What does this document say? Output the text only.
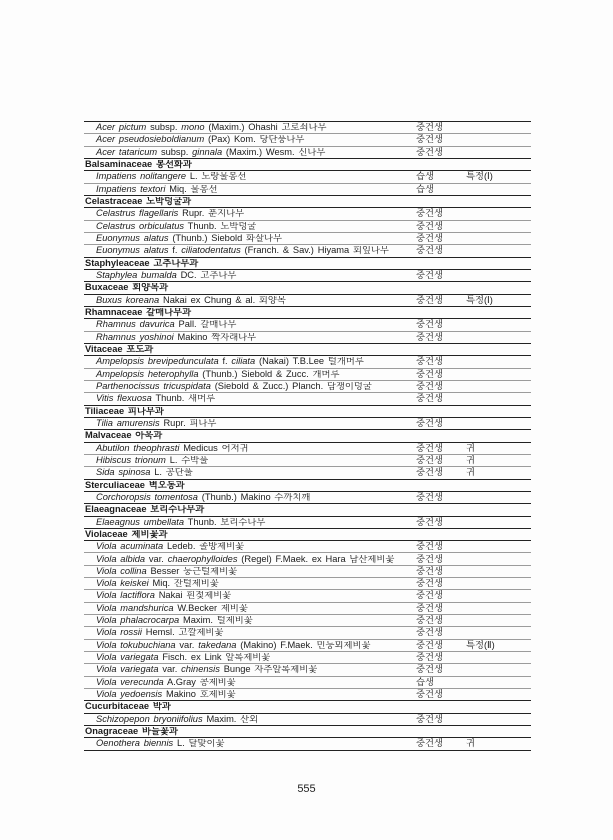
Acer pictum subsp. mono (Maxim.) Ohashi 고로쇠나무	중건생
Acer pseudosieboldianum (Pax) Kom. 당단풍나무	중건생
Acer tataricum subsp. ginnala (Maxim.) Wesm. 신나무	중건생
Balsaminaceae 봉선화과
Impatiens nolitangere L. 노랑물봉선	습생	특정(Ⅰ)
Impatiens textori Miq. 물봉선	습생
Celastraceae 노박덩굴과
Celastrus flagellaris Rupr. 푼지나무	중건생
Celastrus orbiculatus Thunb. 노박덩굴	중건생
Euonymus alatus (Thunb.) Siebold 화살나무	중건생
Euonymus alatus f. ciliatodentatus (Franch. & Sav.) Hiyama 회잎나무	중건생
Staphyleaceae 고추나무과
Staphylea bumalda DC. 고추나무	중건생
Buxaceae 회양목과
Buxus koreana Nakai ex Chung & al. 회양목	중건생	특정(Ⅰ)
Rhamnaceae 갈매나무과
Rhamnus davurica Pall. 갈매나무	중건생
Rhamnus yoshinoi Makino 짝자래나무	중건생
Vitaceae 포도과
Ampelopsis brevipedunculata f. ciliata (Nakai) T.B.Lee 털개머루	중건생
Ampelopsis heterophylla (Thunb.) Siebold & Zucc. 개머루	중건생
Parthenocissus tricuspidata (Siebold & Zucc.) Planch. 담쟁이덩굴	중건생
Vitis flexuosa Thunb. 새머루	중건생
Tiliaceae 피나무과
Tilia amurensis Rupr. 피나무	중건생
Malvaceae 아욱과
Abutilon theophrasti Medicus 어저귀	중건생	귀
Hibiscus trionum L. 수박풀	중건생	귀
Sida spinosa L. 공단풀	중건생	귀
Sterculiaceae 벽오동과
Corchoropsis tomentosa (Thunb.) Makino 수까치깨	중건생
Elaeagnaceae 보리수나무과
Elaeagnus umbellata Thunb. 보리수나무	중건생
Violaceae 제비꽃과
Viola acuminata Ledeb. 졸방제비꽃	중건생
Viola albida var. chaerophylloides (Regel) F.Maek. ex Hara 남산제비꽃	중건생
Viola collina Besser 둥근털제비꽃	중건생
Viola keiskei Miq. 잔털제비꽃	중건생
Viola lactiflora Nakai 흰젖제비꽃	중건생
Viola mandshurica W.Becker 제비꽃	중건생
Viola phalacrocarpa Maxim. 털제비꽃	중건생
Viola rossii Hemsl. 고깔제비꽃	중건생
Viola tokubuchiana var. takedana (Makino) F.Maek. 민둥뫼제비꽃	중건생	특정(Ⅱ)
Viola variegata Fisch. ex Link 알록제비꽃	중건생
Viola variegata var. chinensis Bunge 자주알록제비꽃	중건생
Viola verecunda A.Gray 콩제비꽃	습생
Viola yedoensis Makino 호제비꽃	중건생
Cucurbitaceae 박과
Schizopepon bryoniifolius Maxim. 산외	중건생
Onagraceae 바늘꽃과
Oenothera biennis L. 달맞이꽃	중건생	귀
555
